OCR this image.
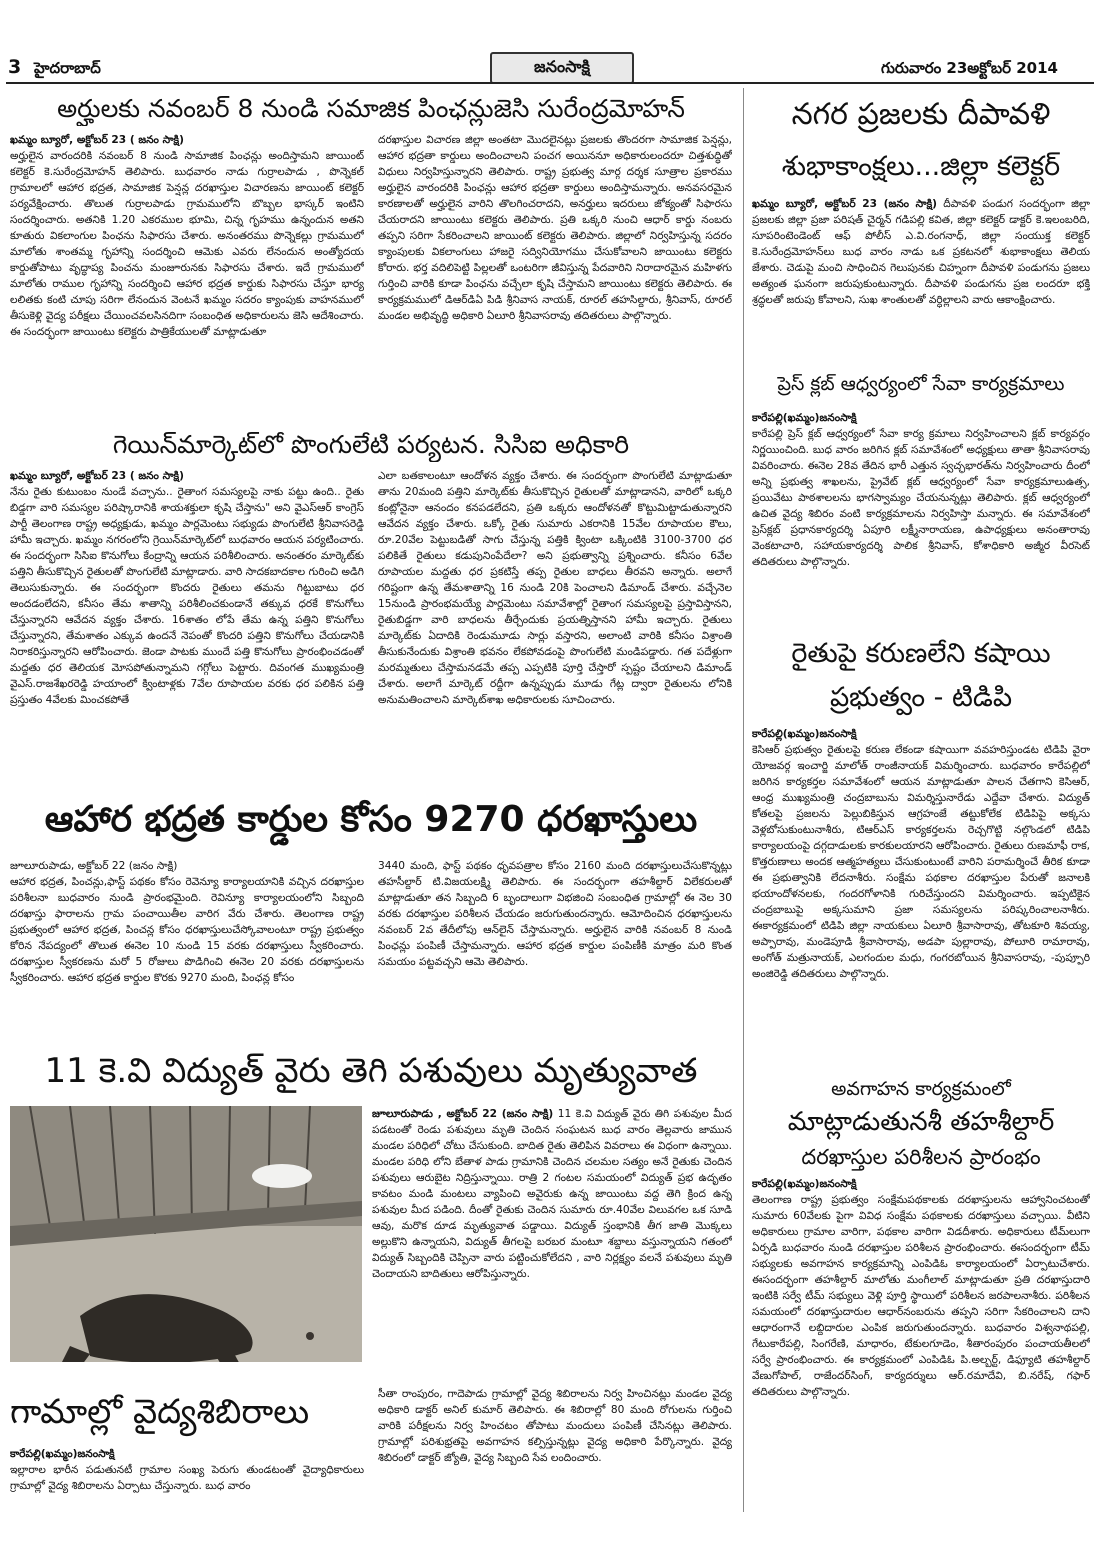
3 హైదరాబాద్	జనంసాక్షి	గురువారం 23అక్టోబర్ 2014
అర్హులకు నవంబర్ 8 నుండి సమాజిక పింఛన్లుజెసి సురేంద్రమోహన్

ఖమ్మం బ్యూరో, అక్టోబర్ 23 ( జనం సాక్షి)

అర్హులైన వారందరికి నవంబర్ 8 నుండి సామాజిక పింఛన్లు అందిస్తామని జాయింట్ కలెక్టర్ కె.సురేంద్రమోహన్ తెలిపారు. బుధవారం నాడు గుర్రాలపాడు , పొన్నెకల్ గ్రామాలలో ఆహార భద్రత, సామాజిక పెన్షన్ల దరఖాస్తుల విచారణను జాయింట్ కలెక్టర్ పర్యవేక్షించారు. తొలుత గుర్రాలపాడు గ్రామములోని బొబ్బల భాస్కర్ ఇంటిని సందర్శించారు. అతనికి 1.20 ఎకరముల భూమి, చిన్న గృహము ఉన్నందున అతని కూతురు వికలాంగుల పింఛను సిఫారసు చేశారు. అనంతరము పొన్నెకల్లు గ్రామములో మాలోతు శాంతమ్మ గృహాన్ని సందర్శించి ఆమెకు ఎవరు లేనందున అంత్యోదయ కార్డుతోపాటు వృద్ధాప్య పించను మంజూరునకు సిఫారసు చేశారు. ఇదే గ్రామములో మాలోతు రాముల గృహాన్ని సందర్శించి ఆహార భద్రత కార్డుకు సిఫారసు చేస్తూ భార్య లలితకు కంటి చూపు సరిగా లేనందున వెంటనే ఖమ్మం సదరం క్యాంపుకు వాహనములో తీసుకెళ్లి వైద్య పరీక్షలు చేయించవలసినదిగా సంబంధిత అధికారులను జెసి ఆదేశించారు. ఈ సందర్భంగా జాయింటు కలెక్టరు పాత్రికేయులతో మాట్లాడుతూ

దరఖాస్తుల విచారణ జిల్లా అంతటా మొదలైనట్లు ప్రజలకు తొందరగా సామాజిక పెన్షన్లు, ఆహార భద్రతా కార్డులు అందించాలని పంచగ అయిననూ అధికారులందరూ చిత్తశుద్ధితో విధులు నిర్వహిస్తున్నారని తెలిపారు. రాష్ట్ర ప్రభుత్వ మార్గ దర్శక సూత్రాల ప్రకారము అర్హులైన వారందరికి పింఛన్లు ఆహార భద్రతా కార్డులు అందిస్తామన్నారు. అనవసరమైన కారణాలతో అర్హులైన వారిని తొలగించరాదని, అనర్హులు ఇదరులు జోక్యంతో సిఫారసు చేయరాదని జాయింటు కలెక్టరు తెలిపారు. ప్రతి ఒక్కరి నుంచి ఆధార్ కార్డు నంబరు తప్పని సరిగా సేకరించాలని జాయింట్ కలెక్టరు తెలిపారు. జిల్లాలో నిర్వహిస్తున్న సదరం క్యాంపులకు వికలాంగులు హాజరై సద్వినియోగము చేసుకోవాలని జాయింటు కలెక్టరు కోరారు. భర్త వదిలిపెట్టి పిల్లలతో ఒంటరిగా జీవిస్తున్న పేదవారిని నిరాదారమైన మహిళగు గుర్తించి వారికి కూడా పింఛను వచ్చేలా కృషి చేస్తామని జాయింటు కలెక్టరు తెలిపారు. ఈ కార్యక్రమములో డిఆర్‌డిఏ పిడి శ్రీనివాస నాయక్, రూరల్ తహసిల్దారు, శ్రీనివాస్, రూరల్ మండల అభివృద్ధి అధికారి ఏలూరి శ్రీనివాసరావు తదితరులు పాల్గొన్నారు.

గెయిన్‌మార్కెట్‌లో పొంగులేటి పర్యటన. సిసిఐ అధికారి

ఖమ్మం బ్యూరో, అక్టోబర్ 23 ( జనం సాక్షి)

నేను రైతు కుటుంబం నుండే వచ్చాను.. రైతాంగ సమస్యలపై నాకు పట్టు ఉంది.. రైతు బిడ్డగా వారి సమస్యల పరిష్కారానికి శాయశక్తులా కృషి చేస్తాను" అని వైఎస్‌ఆర్ కాంగ్రెస్ పార్టీ తెలంగాణ రాష్ట్ర అధ్యక్షుడు, ఖమ్మం పార్లమెంటు సభ్యుడు పొంగులేటి శ్రీనివాసరెడ్డి హామీ ఇచ్చారు. ఖమ్మం నగరంలోని గ్రెయిన్‌మార్కెట్‌లో బుధవారం ఆయన పర్యటించారు. ఈ సందర్భంగా సిసిఐ కొనుగోలు కేంద్రాన్ని ఆయన పరిశీలించారు. అనంతరం మార్కెట్‌కు పత్తిని తీసుకొచ్చిన రైతులతో పొంగులేటి మాట్లాడారు. వారి సాదకబాదకాల గురించి అడిగి తెలుసుకున్నారు. ఈ సందర్భంగా కొందరు రైతులు తమను గిట్టుబాటు ధర అందడంలేదని, కనీసం తేమ శాతాన్ని పరిశీలించకుండానే తక్కువ ధరకే కొనుగోలు చేస్తున్నారని ఆవేదన వ్యక్తం చేశారు. 16శాతం లోపే తేమ ఉన్న పత్తిని కొనుగోలు చేస్తున్నారని, తేమశాతం ఎక్కువ ఉందనే నెపంతో కొందరి పత్తిని కొనుగోలు చేయడానికి నిరాకరిస్తున్నారని ఆరోపించారు. జెండా పాటకు ముందే పత్తి కొనుగోలు ప్రారంభించడంతో మద్దతు ధర తెలియక మోసపోతున్నామని గగ్గోలు పెట్టారు. దివంగత ముఖ్యమంత్రి వైఎస్.రాజశేఖరరెడ్డి హయాంలో క్వింటాళ్లకు 7వేల రూపాయల వరకు ధర పలికిన పత్తి ప్రస్తుతం 4వేలకు మించకపోతే

ఎలా బతకాలంటూ ఆందోళన వ్యక్తం చేశారు. ఈ సందర్భంగా పొంగులేటి మాట్లాడుతూ తాను 20మంది పత్తిని మార్కెట్‌కు తీసుకొచ్చిన రైతులతో మాట్లాడానని, వారిలో ఒక్కరి కంట్లోనైనా ఆనందం కనపడలేదని, ప్రతి ఒక్కరు ఆందోళనతో కొట్టుమిట్టాడుతున్నారని ఆవేదన వ్యక్తం చేశారు. ఒక్కో రైతు సుమారు ఎకరానికి 15వేల రూపాయల కౌలు, రూ.20వేల పెట్టుబడితో సాగు చేస్తున్న పత్తికి క్వింటా ఒక్కింటికి 3100-3700 ధర పలికితే రైతులు కడుపునింపేదేలా? అని ప్రభుత్వాన్ని ప్రశ్నించారు. కనీసం 6వేల రూపాయల మద్దతు ధర ప్రకటిస్తే తప్ప రైతుల బాధలు తీరవని అన్నారు. అలాగే గరిష్టంగా ఉన్న తేమశాతాన్ని 16 నుండి 20కి పెంచాలని డిమాండ్ చేశారు. వచ్చేనెల 15నుండి ప్రారంభమయ్యే పార్లమెంటు సమావేశాల్లో రైతాంగ సమస్యలపై ప్రస్తావిస్తానని, రైతుబిడ్డగా వారి బాధలను తీర్చేందుకు ప్రయత్నిస్తానని హామీ ఇచ్చారు. రైతులు మార్కెట్‌కు ఏదాదికి రెండుమూడు సార్లు వస్తారని, అలాంటి వారికి కనీసం విశ్రాంతి తీసుకునేందుకు విశ్రాంతి భవనం లేకపోవడంపై పొంగులేటి మండిపడ్డారు. గత పదేళ్లుగా మరమ్మతులు చేస్తామనడమే తప్ప ఎప్పటికి పూర్తి చేస్తారో స్పష్టం చేయాలని డిమాండ్ చేశారు. అలాగే మార్కెట్ రద్దీగా ఉన్నప్పుడు మూడు గేట్ల ద్వారా రైతులను లోనికి అనుమతించాలని మార్కెట్‌శాఖ అధికారులకు సూచించారు.

ఆహార భద్రత కార్డుల కోసం 9270 ధరఖాస్తులు

జూలూరుపాడు, అక్టోబర్ 22 (జనం సాక్షి)

ఆహార భద్రత, పించన్లు,ఫాస్ట్ పథకం కోసం రెవెన్యూ కార్యాలయానికి వచ్చిన దరఖాస్తుల పరిశీలనా బుధవారం నుండి ప్రారంభమైంది. రెవిన్యూ కార్యాలయంలోని సిబ్బంది దరఖాస్తు ఫారాలను గ్రామ పంచాయితీల వారిగ వేరు చేశారు. తెలంగాణ రాష్ట్ర ప్రభుత్వంలో ఆహార భద్రత, పించన్ల కోసం ధరఖాస్తులుచేస్కోవాలంటూ రాష్ట్ర ప్రభుత్వం కోరిన నేపద్యంలో తొలుత ఈనెల 10 నుండి 15 వరకు దరఖాస్తులు స్వీకరించారు. దరఖాస్తుల స్వీకరణను మరో 5 రోజులు పొడిగించి ఈనెల 20 వరకు దరఖాస్తులను స్వీకరించారు. ఆహార భద్రత కార్డుల కొరకు 9270 మంది, పింఛన్ల కోసం

3440 మంది, ఫాస్ట్ పథకం ధృవపత్రాల కోసం 2160 మంది దరఖాస్తులుచేసుకొన్నట్లు తహసీల్దార్ టి.విజయలక్ష్మి తెలిపారు. ఈ సందర్భంగా తహశీల్దార్ విలేకరులతో మాట్లాడుతూ తన సిబ్బంది 6 బృందాలుగా విభజించి సంబంధిత గ్రామాల్లో ఈ నెల 30 వరకు దరఖాస్తుల పరిశీలన చేయడం జరుగుతుందన్నారు. ఆమోదించిన ధరఖాస్తులను నవంబర్ 2వ తేదీలోపు ఆన్‌లైన్ చేస్తామన్నారు. అర్హులైన వారికి నవంబర్ 8 నుండి పింఛన్లు పంపిణీ చేస్తామన్నారు. ఆహార భద్రత కార్డుల పంపిణీకి మాత్రం మరి కొంత సమయం పట్టవచ్చని ఆమె తెలిపారు.

11 కె.వి విద్యుత్ వైరు తెగి పశువులు మృత్యువాత
జూలూరుపాడు , అక్టోబర్ 22 (జనం సాక్షి) 11 కె.వి విద్యుత్ వైరు తిగి పశువుల మీద పడటంతో రెండు పశువులు మృతి చెందిన సంఘటన బుధ వారం తెల్లవారు జామున మండల పరిధిలో చోటు చేసుకుంది. బాదిత రైతు తెలిపిన వివరాలు ఈ విధంగా ఉన్నాయి. మండల పరిధి లోని బేతాళ పాడు గ్రామానికి చెందిన చలమల సత్యం అనే రైతుకు చెందిన పశువులు ఆరుబైట నిద్రిస్తున్నాయి. రాత్రి 2 గంటల సమయంలో విద్యుత్ ప్రభ ఉదృతం కావటం మండి మంటలు వ్యాపించి అవైరుకు ఉన్న జాయింటు వద్ద తెగి క్రింద ఉన్న పశువుల మీద పడింది. దీంతో రైతుకు చెందిన సుమారు రూ.40వేల విలువగల ఒక సూడి ఆవు, మరొక దూడ మృత్యువాత పడ్డాయి. విద్యుత్ స్తంభానికి తీగ జాతి మొక్కలు అల్లుకొని ఉన్నాయని, విద్యుత్ తీగలపై బరబర మంటూ శబ్దాలు వస్తున్నాయని గతంలో విద్యుత్ సిబ్బందికి చెప్పినా వారు పట్టించుకోలేదని , వారి నిర్లక్ష్యం వలనే పశువులు మృతి చెందాయని బాదితులు ఆరోపిస్తున్నారు.
గామాల్లో వైద్యశిబిరాలు

కారేపల్లి(ఖమ్మం)జనంసాక్షి

ఇల్లారాల భారీన పడుతునటీ గ్రామాల సంఖ్య పెరుగు తుండటంతో వైద్యాధికారులు గ్రామాల్లో వైద్య శిబిరాలను ఏర్పాటు చేస్తున్నారు. బుధ వారం

సీతా రాంపురం, గాదెపాడు గ్రామాల్లో వైద్య శిబిరాలను నిర్వ హించినట్లు మండల వైద్య అధికారి డాక్టర్ అనిల్ కుమార్ తెలిపారు. ఈ శిబిరాల్లో 80 మంది రోగులను గుర్తించి వారికి పరీక్షలను నిర్వ హించటం తోపాటు మందులు పంపిణీ చేసినట్లు తెలిపారు. గ్రామాల్లో పరిశుభ్రతపై అవగాహన కల్పిస్తున్నట్లు వైద్య అధికారి పేర్కొన్నారు. వైద్య శిబిరంలో డాక్టర్ జ్యోతి, వైద్య సిబ్బంది సేవ లందించారు.

నగర ప్రజలకు దీపావళి
శుభాకాంక్షలు...జిల్లా కలెక్టర్
ఖమ్మం బ్యూరో, అక్టోబర్ 23 (జనం సాక్షి) దీపావళి పండుగ సందర్భంగా జిల్లా ప్రజలకు జిల్లా ప్రజా పరిషత్ చైర్మన్ గడిపల్లి కవిత, జిల్లా కలెక్టర్ డాక్టర్ కె.ఇలంబరిది, సూపరింటెండెంట్ ఆఫ్ పోలీస్ ఎ.వి.రంగనాధ్, జిల్లా సంయుక్త కలెక్టర్ కె.సురేంద్రమోహన్‌లు బుధ వారం నాడు ఒక ప్రకటనలో శుభాకాంక్షలు తెలియ జేశారు. చెడుపై మంచి సాధించిన గెలుపునకు చిహ్నంగా దీపావళి పండుగను ప్రజలు అత్యంత ఘనంగా జరుపుకుంటున్నారు. దీపావళి పండుగను ప్రజ లందరూ భక్తి శ్రద్ధలతో జరుపు కోవాలని, సుఖ శాంతులతో వర్ధిల్లాలని వారు ఆకాంక్షించారు.
ప్రెస్ క్లబ్ ఆధ్వర్యంలో సేవా కార్యక్రమాలు

కారేపల్లి(ఖమ్మం)జనంసాక్షి

కారేపల్లి ప్రెస్ క్లబ్ ఆధ్వర్యంలో సేవా కార్య క్రమాలు నిర్వహించాలని క్లబ్ కార్యవర్గం నిర్ణయించింది. బుధ వారం జరిగిన క్లబ్ సమావేశంలో అధ్యక్షులు తాతా శ్రీనివాసరావు వివరించారు. ఈనెల 28వ తేదిన భారీ ఎత్తున స్వచ్ఛభారత్‌ను నిర్వహించారు దీంలో అన్ని ప్రభుత్వ శాఖలను, ప్రైవేట్ క్లబ్ ఆధ్వర్యంలో సేవా కార్యక్రమాలుఉత్స, ప్రయివేటు పాఠశాలలను భాగస్వామ్యం చేయనున్నట్లు తెలిపారు. క్లబ్ ఆధ్వర్యంలో ఉచిత వైద్య శిబిరం వంటి కార్యక్రమాలను నిర్వహిస్తా మన్నారు. ఈ సమావేశంలో ప్రెస్‌క్లబ్ ప్రధానకార్యదర్శి ఏపూరి లక్ష్మీనారాయణ, ఉపాధ్యక్షులు అనంతారావు వెంకటాచారి, సహాయకార్యదర్శి పాలిక శ్రీనివాస్, కోశాధికారి అజ్మీర వీరసెట్ తదితరులు పాల్గొన్నారు.

రైతుపై కరుణలేని కషాయి
ప్రభుత్వం - టిడిపి

కారేపల్లి(ఖమ్మం)జనంసాక్షి

కెసిఆర్ ప్రభుత్వం రైతులపై కరుణ లేకండా కషాయిగా వవహరిస్తుండట టిడిపి వైరా యోజవర్గ ఇంచార్జి మాలోత్ రాంజీనాయక్ విమర్శించారు. బుధవారం కారేపల్లిలో జరిగిన కార్యకర్తల సమావేశంలో ఆయన మాట్లాడుతూ పాలన చేతగాని కెసిఆర్, ఆంధ్ర ముఖ్యమంత్రి చంద్రబాబును విమర్శిస్తునారేడు ఎద్దేవా చేశారు. విద్యుత్ కోతలపై ప్రజలను పెల్లుబికిస్తున ఆగ్రహంజే తట్టుకోలేక టిడిపిపై అక్కసు వెళ్లబోసుకుంటునాశీరు, టిఆర్‌ఎస్ కార్యకర్తలను రెచ్చగొట్టి నల్గొండలో టిడిపి కార్యాలయంపై దగ్గదాడులకు కారకులయారని ఆరోపించారు. రైతులు రుణమాఫీ రాక, కొత్తరుణాలు అందక ఆత్మహత్యలు చేసుకుంటుంటే వారిని పరామర్శించే తీరిక కూడా ఈ ప్రభుత్వానికి లేదనాశీరు. సంక్షేమ పథకాల దరఖాస్తుల పేరుతో జనాలకి భయాందోళనలకు, గందరగోళానికి గురిచేస్తుందని విమర్శించారు. ఇప్పటికైన చంద్రబాబుపై అక్కసుమాని ప్రజా సమస్యలను పరిష్కరించాలనాశీరు. ఈకార్యక్రమంలో టిడిపి జిల్లా నాయకులు ఏలూరి శ్రీవాసారావు, తోటకూరి శివయ్య, అప్పారావు, మండెపూడి శ్రీవాసారావు, అడపా పుల్లారావు, పోలూరి రామారావు, అంగోత్ మత్రునాయక్, ఎలగందుల మధు, గంగరబోయిన శ్రీనివాసరావు, -పుప్పూరి అంజిరెడ్డి తదితరులు పాల్గొన్నారు.

అవగాహన కార్యక్రమంలో
మాట్లాడుతునశీ తహశీల్దార్
దరఖాస్తుల పరిశీలన ప్రారంభం

కారేపల్లి(ఖమ్మం)జనంసాక్షి

తెలంగాణ రాష్ట్ర ప్రభుత్వం సంక్షేమపథకాలకు దరఖాస్తులను ఆహ్వానించటంతో సుమారు 60వేలకు పైగా వివిధ సంక్షేమ పథకాలకు దరఖాస్తులు వచ్చాయి. వీటిని అధికారులు గ్రామాల వారిగా, పథకాల వారిగా విడదీశారు. అధికారులు టీమ్‌లుగా ఏర్పడి బుధవారం నుండి దరఖాస్తుల పరిశీలన ప్రారంభించారు. ఈసందర్భంగా టీమ్ సభ్యులకు అవగాహన కార్యక్రమాన్ని ఎంపిడిఓ కార్యాలయంలో ఏర్పాటుచేశారు. ఈసందర్భంగా తహశీల్దార్ మాలోతు మంగీలాల్ మాట్లాడుతూ ప్రతి దరఖాస్తుదారి ఇంటికి సర్వే టీమ్ సభ్యులు వెళ్లి పూర్తి స్థాయిలో పరిశీలన జరపాలనాశీరు. పరిశీలన సమయంలో దరఖాస్తుదారుల ఆధార్‌నంబరును తప్పని సరిగా సేకరించాలని దాని ఆధారంగానే లబ్దిదారుల ఎంపిక జరుగుతుందన్నారు. బుధవారం విశ్వనాథపల్లి, గేటుకారేపల్లి, సింగరేణి, మాధారం, టేకులగూడెం, శీతారంపురం పంచాయతీలలో సర్వే ప్రారంభించారు. ఈ కార్యక్రమంలో ఎంపిడిఓ పి.అల్బర్ట్, డిఫ్యూటి తహశీల్దార్ వేణుగోపాల్, రాజేందర్‌సింగ్, కార్యదర్శులు ఆర్.రమాదేవి, బి.నరేష్, గఫార్ తదితరులు పాల్గొన్నారు.
